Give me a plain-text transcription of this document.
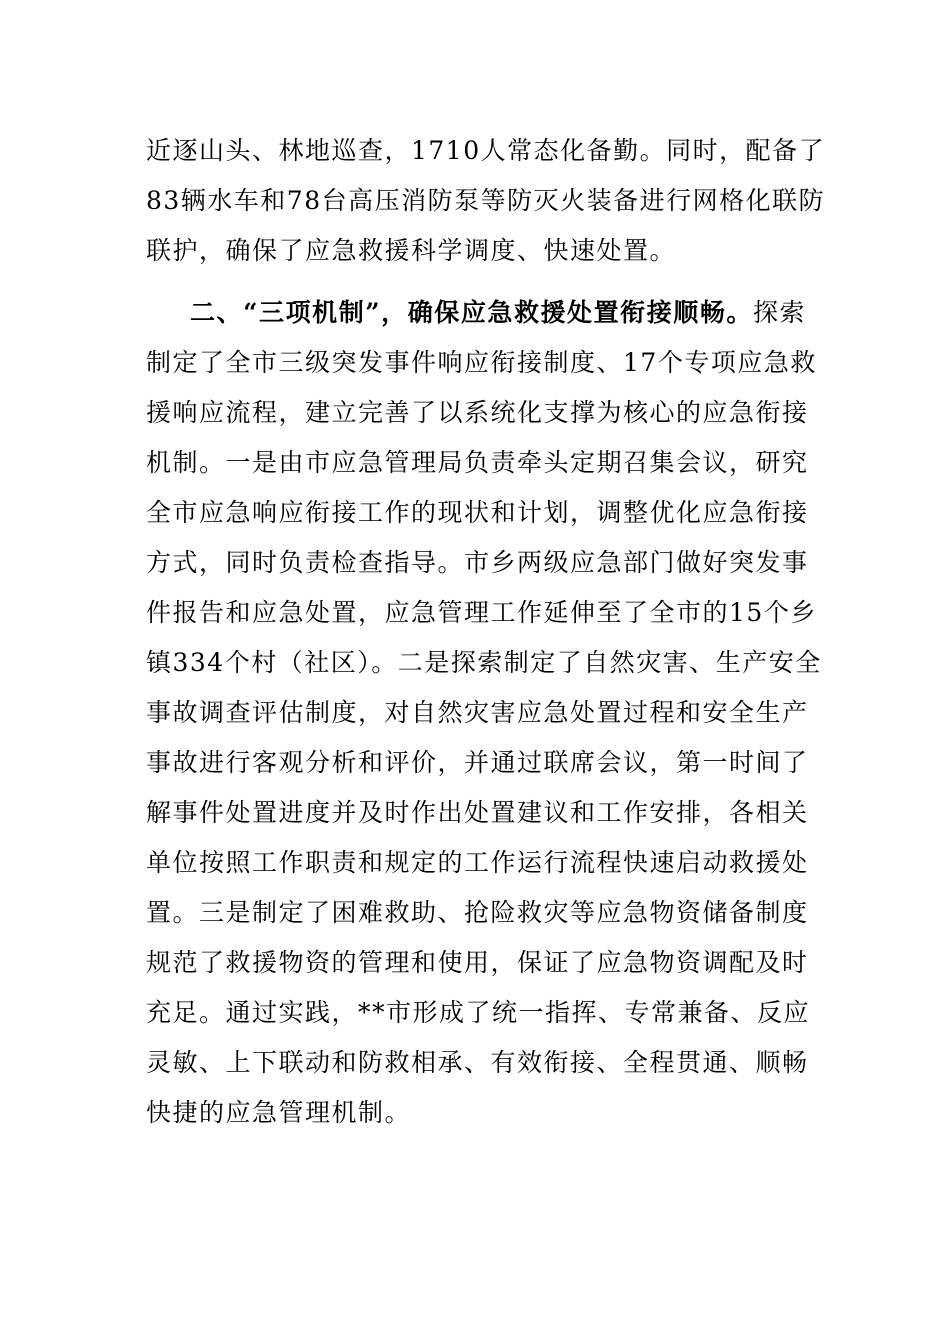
近逐山头、林地巡查，1710人常态化备勤。同时，配备了
83辆水车和78台高压消防泵等防灭火装备进行网格化联防
联护，确保了应急救援科学调度、快速处置。
二、“三项机制”，确保应急救援处置衔接顺畅。探索
制定了全市三级突发事件响应衔接制度、17个专项应急救
援响应流程，建立完善了以系统化支撑为核心的应急衔接
机制。一是由市应急管理局负责牵头定期召集会议，研究
全市应急响应衔接工作的现状和计划，调整优化应急衔接
方式，同时负责检查指导。市乡两级应急部门做好突发事
件报告和应急处置，应急管理工作延伸至了全市的15个乡
镇334个村（社区）。二是探索制定了自然灾害、生产安全
事故调查评估制度，对自然灾害应急处置过程和安全生产
事故进行客观分析和评价，并通过联席会议，第一时间了
解事件处置进度并及时作出处置建议和工作安排，各相关
单位按照工作职责和规定的工作运行流程快速启动救援处
置。三是制定了困难救助、抢险救灾等应急物资储备制度
规范了救援物资的管理和使用，保证了应急物资调配及时
充足。通过实践，**市形成了统一指挥、专常兼备、反应
灵敏、上下联动和防救相承、有效衔接、全程贯通、顺畅
快捷的应急管理机制。
